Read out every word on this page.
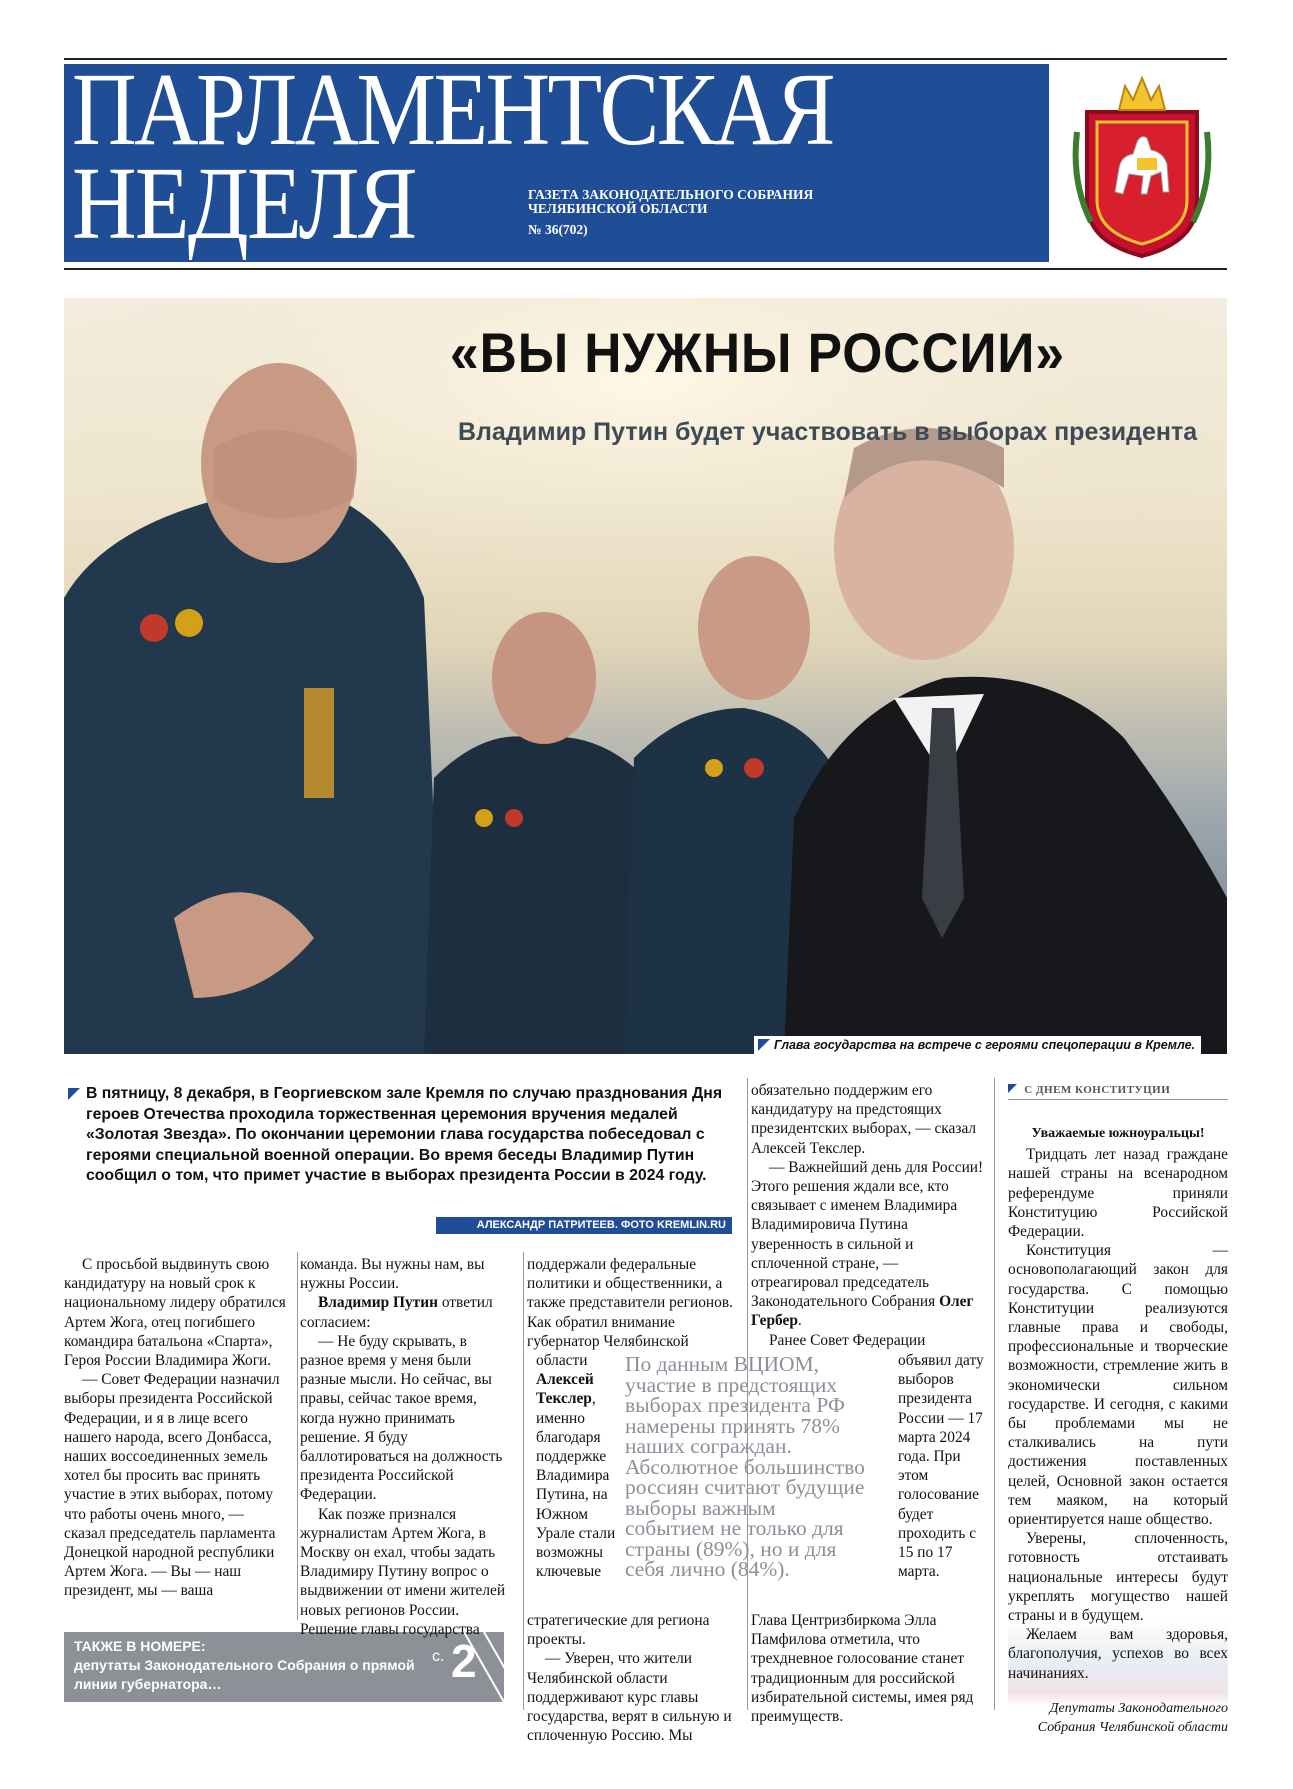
ПАРЛАМЕНТСКАЯ
НЕДЕЛЯ	ГАЗЕТА ЗАКОНОДАТЕЛЬНОГО СОБРАНИЯ
ЧЕЛЯБИНСКОЙ ОБЛАСТИ
№ 36(702)
«ВЫ НУЖНЫ РОССИИ»
Владимир Путин будет участвовать в выборах президента
Глава государства на встрече с героями спецоперации в Кремле.
В пятницу, 8 декабря, в Георгиевском зале Кремля по случаю празднования Дня героев Отечества проходила торжественная церемония вручения медалей «Золотая Звезда». По окончании церемонии глава государства побеседовал с героями специальной военной операции. Во время беседы Владимир Путин сообщил о том, что примет участие в выборах президента России в 2024 году.
АЛЕКСАНДР ПАТРИТЕЕВ. ФОТО KREMLIN.RU

С просьбой выдвинуть свою кандидатуру на новый срок к национальному лидеру обратился Артем Жога, отец погибшего командира батальона «Спарта», Героя России Владимира Жоги.

— Совет Федерации назначил выборы президента Российской Федерации, и я в лице всего нашего народа, всего Донбасса, наших воссоединенных земель хотел бы просить вас принять участие в этих выборах, потому что работы очень много, — сказал председатель парламента Донецкой народной республики Артем Жога. — Вы — наш президент, мы — ваша

ТАКЖЕ В НОМЕРЕ:
депутаты Законодательного Собрания о прямой линии губернатора…
с. 2

команда. Вы нужны нам, вы нужны России.

Владимир Путин ответил согласием:

— Не буду скрывать, в разное время у меня были разные мысли. Но сейчас, вы правы, сейчас такое время, когда нужно принимать решение. Я буду баллотироваться на должность президента Российской Федерации.

Как позже признался журналистам Артем Жога, в Москву он ехал, чтобы задать Владимиру Путину вопрос о выдвижении от имени жителей новых регионов России. Решение главы государства

поддержали федеральные политики и общественники, а также представители регионов. Как обратил внимание губернатор Челябинской

области Алексей Текслер, именно благодаря поддержке Владимира Путина, на Южном Урале стали возможны ключевые

стратегические для региона проекты.

— Уверен, что жители Челябинской области поддерживают курс главы государства, верят в сильную и сплоченную Россию. Мы

По данным ВЦИОМ, участие в предстоящих выборах президента РФ намерены принять 78% наших сограждан. Абсолютное большинство россиян считают будущие выборы важным событием не только для страны (89%), но и для себя лично (84%).

обязательно поддержим его кандидатуру на предстоящих президентских выборах, — сказал Алексей Текслер.

— Важнейший день для России! Этого решения ждали все, кто связывает с именем Владимира Владимировича Путина уверенность в сильной и сплоченной стране, — отреагировал председатель Законодательного Собрания Олег Гербер.

Ранее Совет Федерации

объявил дату выборов президента России — 17 марта 2024 года. При этом голосование будет проходить с 15 по 17 марта.

Глава Центризбиркома Элла Памфилова отметила, что трехдневное голосование станет традиционным для российской избирательной системы, имея ряд преимуществ.

С ДНЕМ КОНСТИТУЦИИ

Уважаемые южноуральцы!

Тридцать лет назад граждане нашей страны на всенародном референдуме приняли Конституцию Российской Федерации.

Конституция — основополагающий закон для государства. С помощью Конституции реализуются главные права и свободы, профессиональные и творческие возможности, стремление жить в экономически сильном государстве. И сегодня, с какими бы проблемами мы не сталкивались на пути достижения поставленных целей, Основной закон остается тем маяком, на который ориентируется наше общество.

Уверены, сплоченность, готовность отстаивать национальные интересы будут укреплять могущество нашей страны и в будущем.

Желаем вам здоровья, благополучия, успехов во всех начинаниях.

Депутаты Законодательного Собрания Челябинской области
